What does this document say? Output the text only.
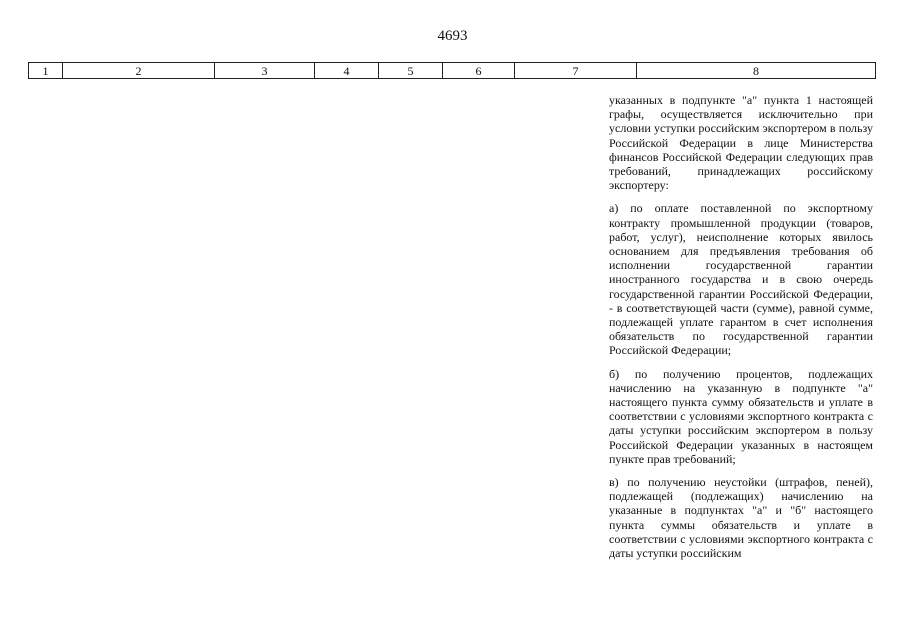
4693
1	2	3	4	5	6	7	8

указанных в подпункте "а" пункта 1 настоящей графы, осуществляется исключительно при условии уступки российским экспортером в пользу Российской Федерации в лице Министерства финансов Российской Федерации следующих прав требований, принадлежащих российскому экспортеру:

а) по оплате поставленной по экспортному контракту промышленной продукции (товаров, работ, услуг), неисполнение которых явилось основанием для предъявления требования об исполнении государственной гарантии иностранного государства и в свою очередь государственной гарантии Российской Федерации, - в соответствующей части (сумме), равной сумме, подлежащей уплате гарантом в счет исполнения обязательств по государственной гарантии Российской Федерации;

б) по получению процентов, подлежащих начислению на указанную в подпункте "а" настоящего пункта сумму обязательств и уплате в соответствии с условиями экспортного контракта с даты уступки российским экспортером в пользу Российской Федерации указанных в настоящем пункте прав требований;

в) по получению неустойки (штрафов, пеней), подлежащей (подлежащих) начислению на указанные в подпунктах "а" и "б" настоящего пункта суммы обязательств и уплате в соответствии с условиями экспортного контракта с даты уступки российским
